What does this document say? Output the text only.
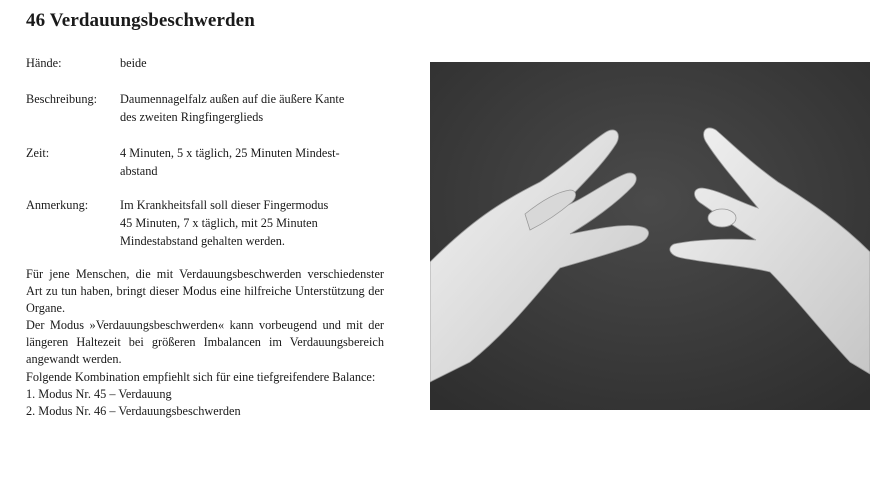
46 Verdauungsbeschwerden
Hände:	beide
Beschreibung:	Daumennagelfalz außen auf die äußere Kante
des zweiten Ringfingerglieds
Zeit:	4 Minuten, 5 x täglich, 25 Minuten Mindest-
abstand
Anmerkung:	Im Krankheitsfall soll dieser Fingermodus
45 Minuten, 7 x täglich, mit 25 Minuten
Mindestabstand gehalten werden.

Für jene Menschen, die mit Verdauungsbeschwerden verschiedenster Art zu tun haben, bringt dieser Modus eine hilfreiche Unterstützung der Organe.

Der Modus »Verdauungsbeschwerden« kann vorbeugend und mit der längeren Haltezeit bei größeren Imbalancen im Verdauungsbereich angewandt werden.

Folgende Kombination empfiehlt sich für eine tiefgreifendere Balance:

1. Modus Nr. 45 – Verdauung

2. Modus Nr. 46 – Verdauungsbeschwerden
